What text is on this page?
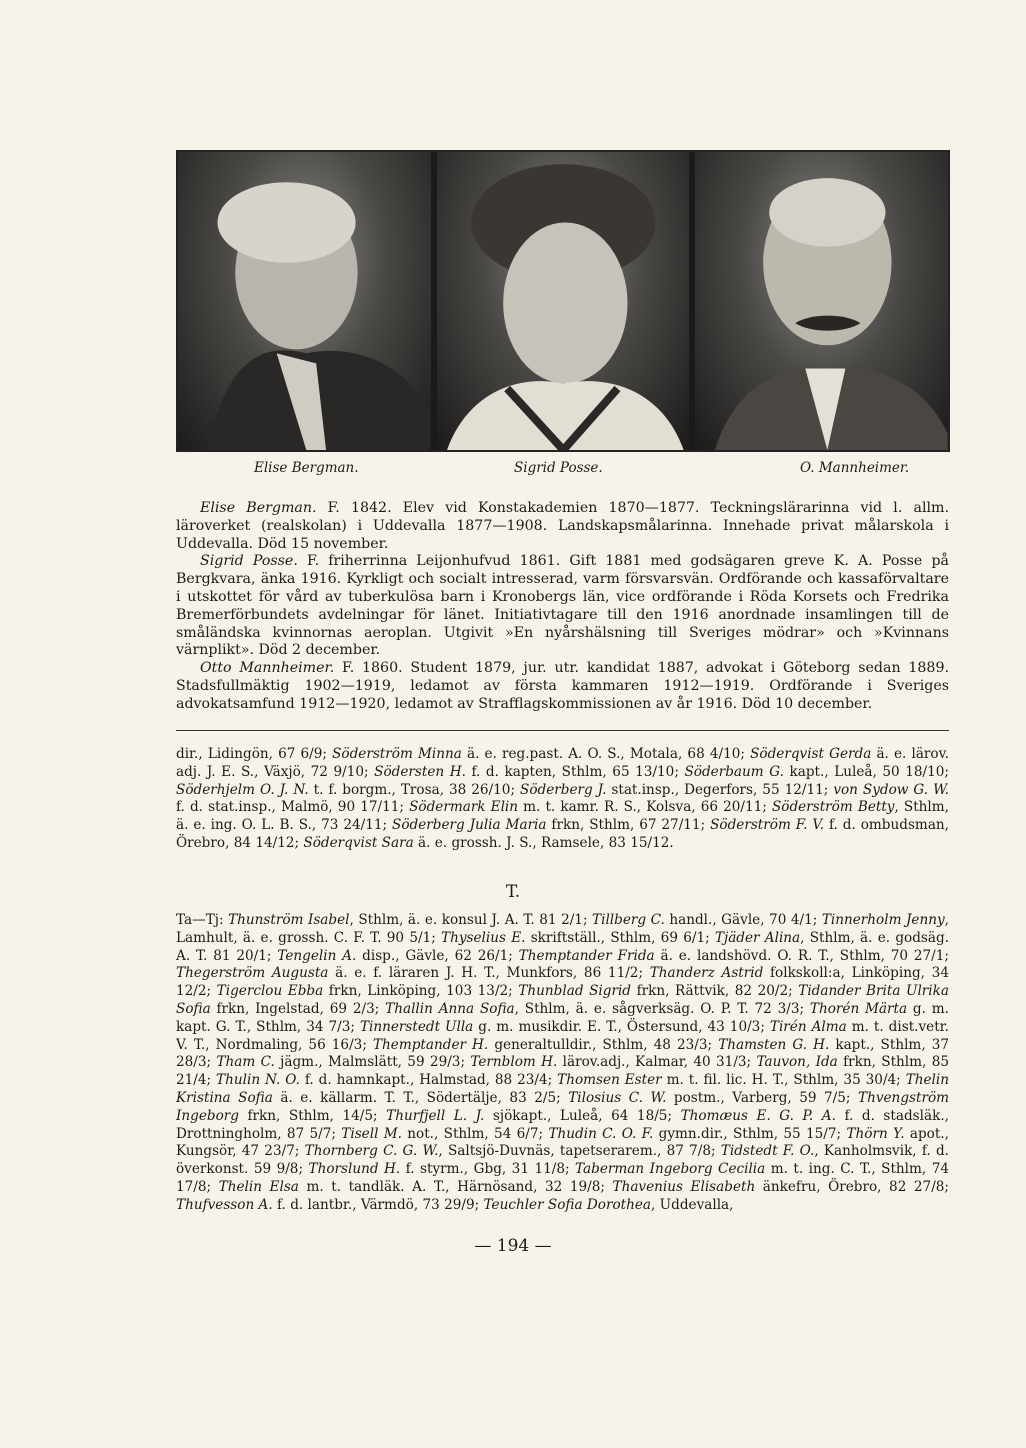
Elise Bergman.	Sigrid Posse.	O. Mannheimer.

Elise Bergman. F. 1842. Elev vid Konstakademien 1870—1877. Teckningslärarinna vid l. allm. läroverket (realskolan) i Uddevalla 1877—1908. Landskapsmålarinna. Innehade privat målarskola i Uddevalla. Död 15 november.

Sigrid Posse. F. friherrinna Leijonhufvud 1861. Gift 1881 med godsägaren greve K. A. Posse på Bergkvara, änka 1916. Kyrkligt och socialt intresserad, varm försvarsvän. Ordförande och kassaförvaltare i utskottet för vård av tuberkulösa barn i Kronobergs län, vice ordförande i Röda Korsets och Fredrika Bremerförbundets avdelningar för länet. Initiativtagare till den 1916 anordnade insamlingen till de småländska kvinnornas aeroplan. Utgivit »En nyårshälsning till Sveriges mödrar» och »Kvinnans värnplikt». Död 2 december.

Otto Mannheimer. F. 1860. Student 1879, jur. utr. kandidat 1887, advokat i Göteborg sedan 1889. Stadsfullmäktig 1902—1919, ledamot av första kammaren 1912—1919. Ordförande i Sveriges advokatsamfund 1912—1920, ledamot av Strafflagskommissionen av år 1916. Död 10 december.

dir., Lidingön, 67 6/9; Söderström Minna ä. e. reg.past. A. O. S., Motala, 68 4/10; Söderqvist Gerda ä. e. lärov. adj. J. E. S., Växjö, 72 9/10; Södersten H. f. d. kapten, Sthlm, 65 13/10; Söderbaum G. kapt., Luleå, 50 18/10; Söderhjelm O. J. N. t. f. borgm., Trosa, 38 26/10; Söderberg J. stat.insp., Degerfors, 55 12/11; von Sydow G. W. f. d. stat.insp., Malmö, 90 17/11; Södermark Elin m. t. kamr. R. S., Kolsva, 66 20/11; Söderström Betty, Sthlm, ä. e. ing. O. L. B. S., 73 24/11; Söderberg Julia Maria frkn, Sthlm, 67 27/11; Söderström F. V. f. d. ombudsman, Örebro, 84 14/12; Söderqvist Sara ä. e. grossh. J. S., Ramsele, 83 15/12.

T.

Ta—Tj: Thunström Isabel, Sthlm, ä. e. konsul J. A. T. 81 2/1; Tillberg C. handl., Gävle, 70 4/1; Tinnerholm Jenny, Lamhult, ä. e. grossh. C. F. T. 90 5/1; Thyselius E. skriftställ., Sthlm, 69 6/1; Tjäder Alina, Sthlm, ä. e. godsäg. A. T. 81 20/1; Tengelin A. disp., Gävle, 62 26/1; Themptander Frida ä. e. landshövd. O. R. T., Sthlm, 70 27/1; Thegerström Augusta ä. e. f. läraren J. H. T., Munkfors, 86 11/2; Thanderz Astrid folkskoll:a, Linköping, 34 12/2; Tigerclou Ebba frkn, Linköping, 103 13/2; Thunblad Sigrid frkn, Rättvik, 82 20/2; Tidander Brita Ulrika Sofia frkn, Ingelstad, 69 2/3; Thallin Anna Sofia, Sthlm, ä. e. sågverksäg. O. P. T. 72 3/3; Thorén Märta g. m. kapt. G. T., Sthlm, 34 7/3; Tinnerstedt Ulla g. m. musikdir. E. T., Östersund, 43 10/3; Tirén Alma m. t. dist.vetr. V. T., Nordmaling, 56 16/3; Themptander H. generaltulldir., Sthlm, 48 23/3; Thamsten G. H. kapt., Sthlm, 37 28/3; Tham C. jägm., Malmslätt, 59 29/3; Ternblom H. lärov.adj., Kalmar, 40 31/3; Tauvon, Ida frkn, Sthlm, 85 21/4; Thulin N. O. f. d. hamnkapt., Halmstad, 88 23/4; Thomsen Ester m. t. fil. lic. H. T., Sthlm, 35 30/4; Thelin Kristina Sofia ä. e. källarm. T. T., Södertälje, 83 2/5; Tilosius C. W. postm., Varberg, 59 7/5; Thvengström Ingeborg frkn, Sthlm, 14/5; Thurfjell L. J. sjökapt., Luleå, 64 18/5; Thomæus E. G. P. A. f. d. stadsläk., Drottningholm, 87 5/7; Tisell M. not., Sthlm, 54 6/7; Thudin C. O. F. gymn.dir., Sthlm, 55 15/7; Thörn Y. apot., Kungsör, 47 23/7; Thornberg C. G. W., Saltsjö-Duvnäs, tapetserarem., 87 7/8; Tidstedt F. O., Kanholmsvik, f. d. överkonst. 59 9/8; Thorslund H. f. styrm., Gbg, 31 11/8; Taberman Ingeborg Cecilia m. t. ing. C. T., Sthlm, 74 17/8; Thelin Elsa m. t. tandläk. A. T., Härnösand, 32 19/8; Thavenius Elisabeth änkefru, Örebro, 82 27/8; Thufvesson A. f. d. lantbr., Värmdö, 73 29/9; Teuchler Sofia Dorothea, Uddevalla,

— 194 —
